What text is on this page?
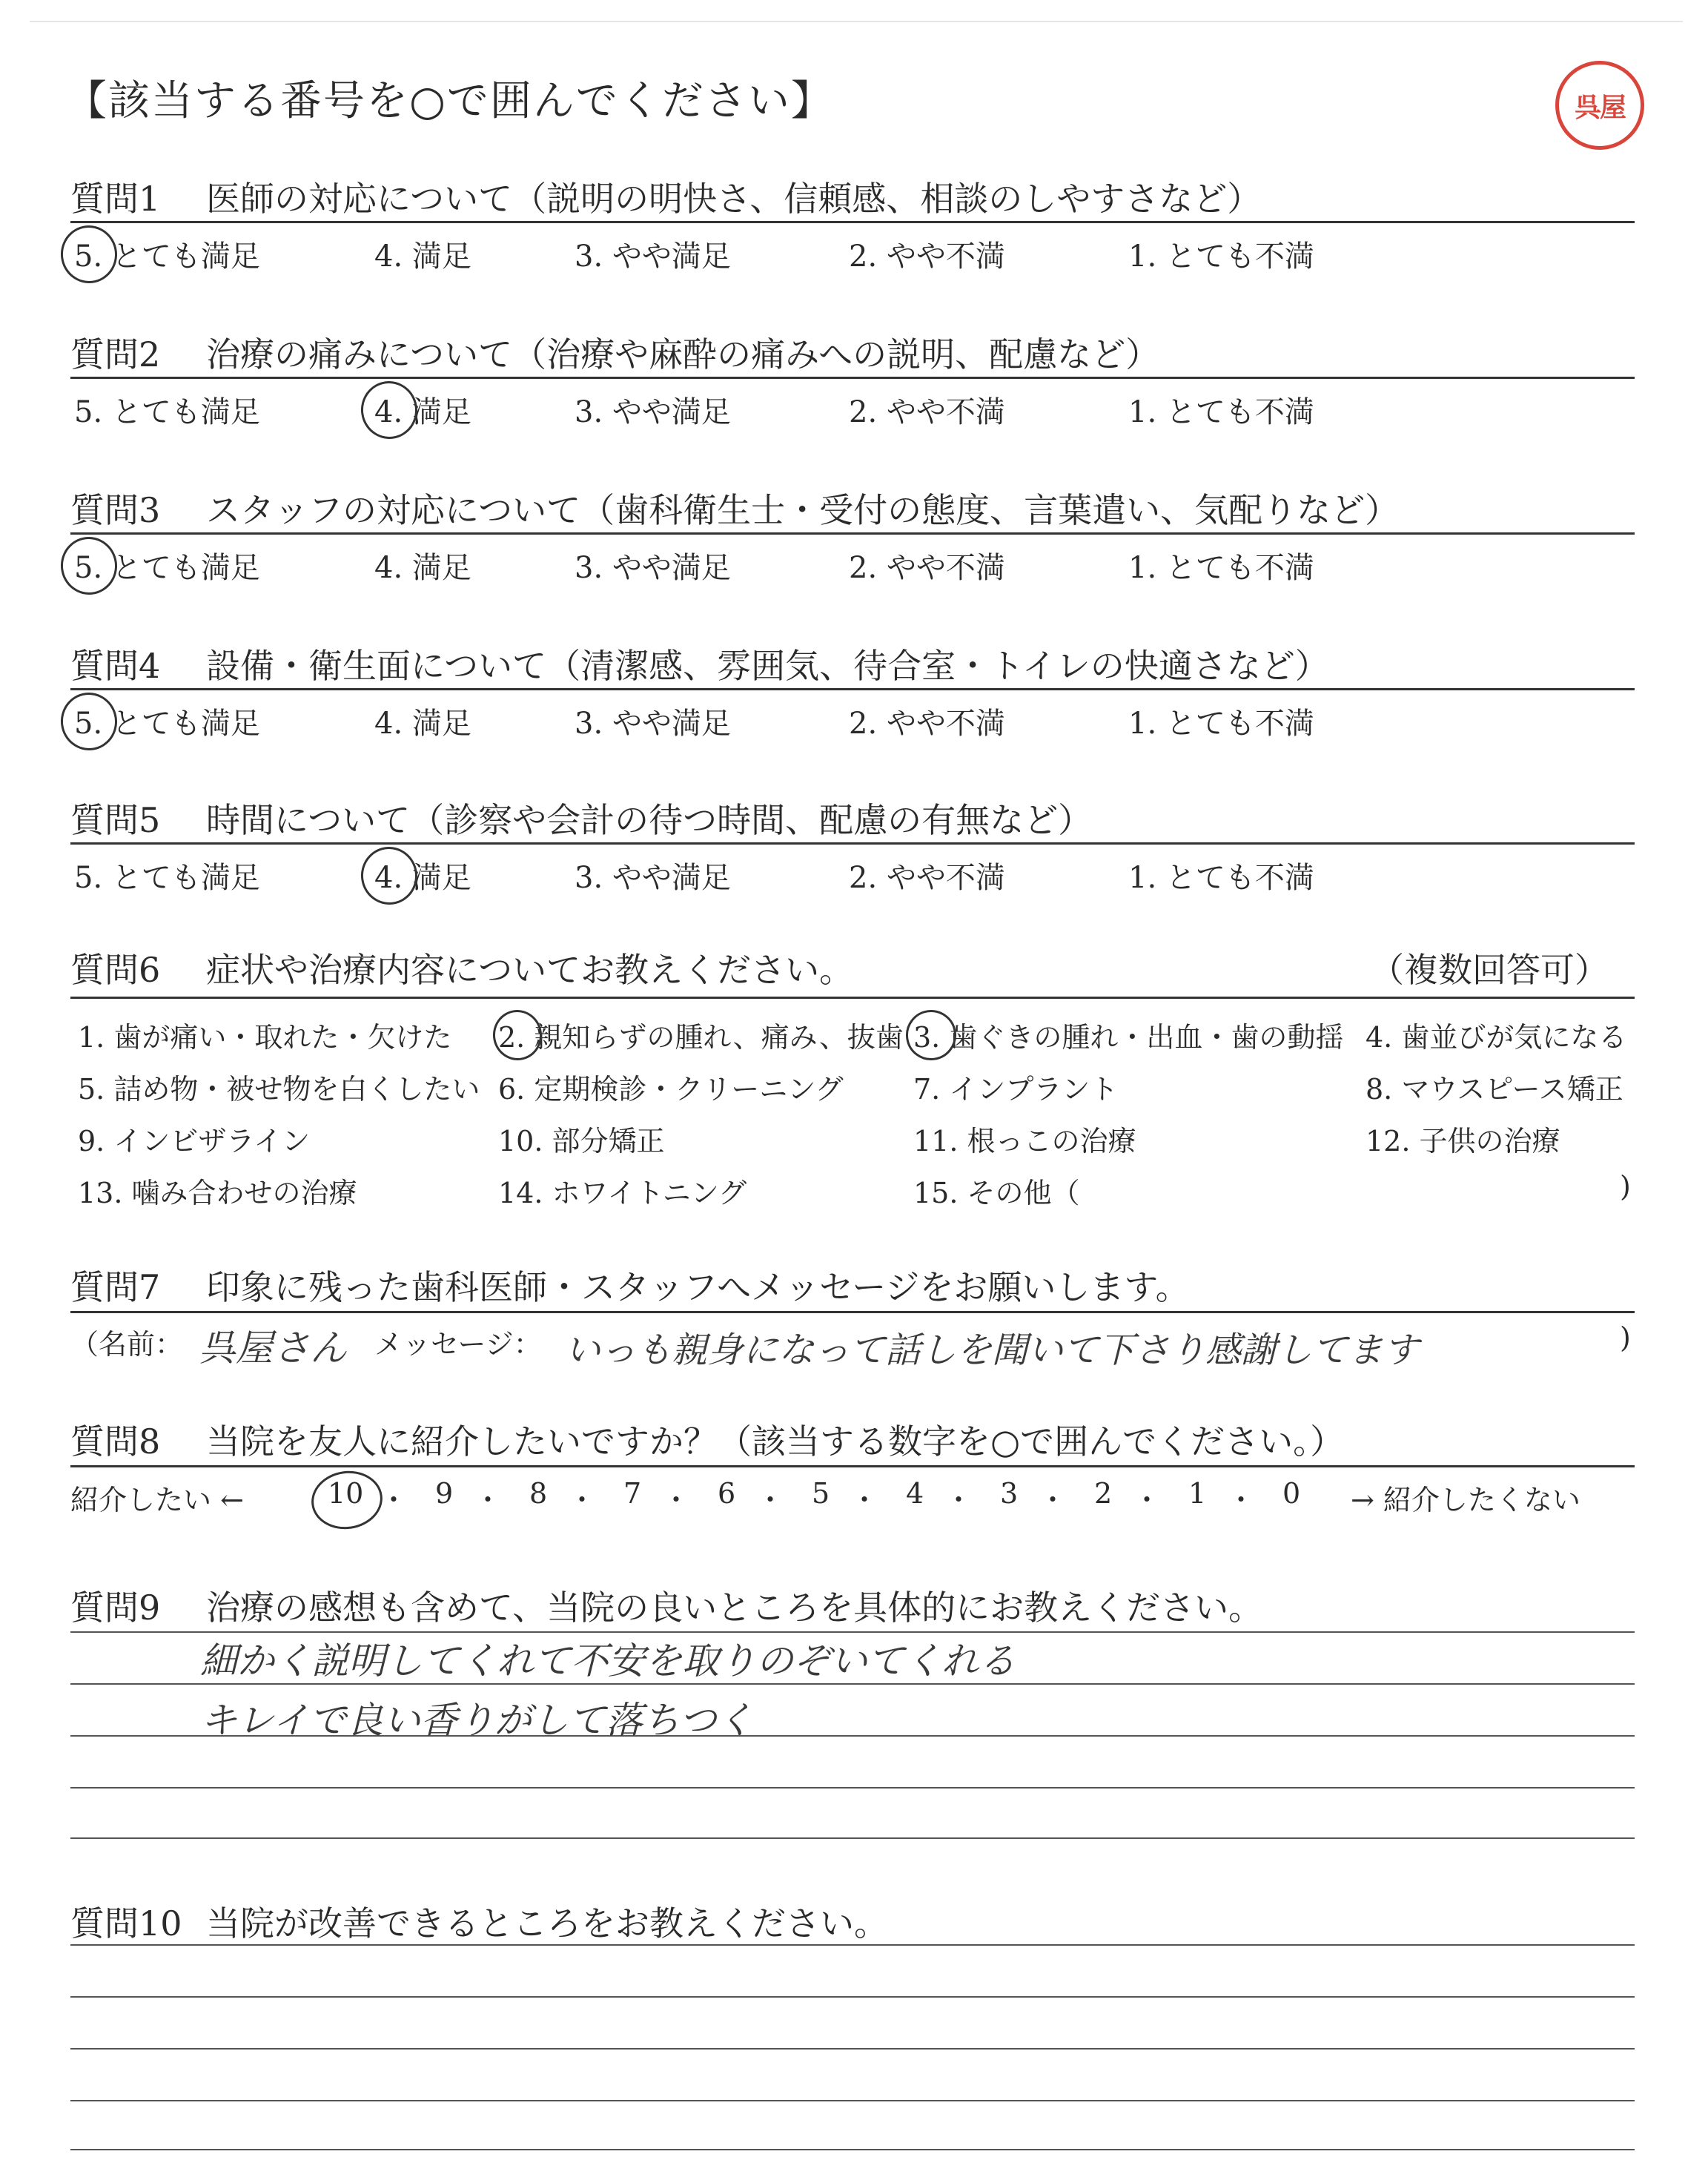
【該当する番号を○で囲んでください】	呉屋
質問1 医師の対応について（説明の明快さ、信頼感、相談のしやすさなど）
5. とても満足	4. 満足	3. やや満足	2. やや不満	1. とても不満
質問2 治療の痛みについて（治療や麻酔の痛みへの説明、配慮など）
5. とても満足	4. 満足	3. やや満足	2. やや不満	1. とても不満
質問3 スタッフの対応について（歯科衛生士・受付の態度、言葉遣い、気配りなど）
5. とても満足	4. 満足	3. やや満足	2. やや不満	1. とても不満
質問4 設備・衛生面について（清潔感、雰囲気、待合室・トイレの快適さなど）
5. とても満足	4. 満足	3. やや満足	2. やや不満	1. とても不満
質問5 時間について（診察や会計の待つ時間、配慮の有無など）
5. とても満足	4. 満足	3. やや満足	2. やや不満	1. とても不満
質問6 症状や治療内容についてお教えください。	（複数回答可）
1. 歯が痛い・取れた・欠けた 2. 親知らずの腫れ、痛み、抜歯 3. 歯ぐきの腫れ・出血・歯の動揺 4. 歯並びが気になる
5. 詰め物・被せ物を白くしたい 6. 定期検診・クリーニング 7. インプラント	8. マウスピース矯正
9. インビザライン	10. 部分矯正	11. 根っこの治療	12. 子供の治療
13. 噛み合わせの治療	14. ホワイトニング	15. その他（	)
質問7 印象に残った歯科医師・スタッフへメッセージをお願いします。
（名前： 呉屋さん メッセージ： いっも親身になって話しを聞いて下さり感謝してます	)
質問8 当院を友人に紹介したいですか？（該当する数字を○で囲んでください。）
紹介したい ←	→ 紹介したくない
10 ・ 9 ・ 8 ・ 7 ・ 6 ・ 5 ・ 4 ・ 3 ・ 2 ・ 1 ・ 0
質問9 治療の感想も含めて、当院の良いところを具体的にお教えください。
細かく説明してくれて不安を取りのぞいてくれる
キレイで良い香りがして落ちつく
質問10 当院が改善できるところをお教えください。
